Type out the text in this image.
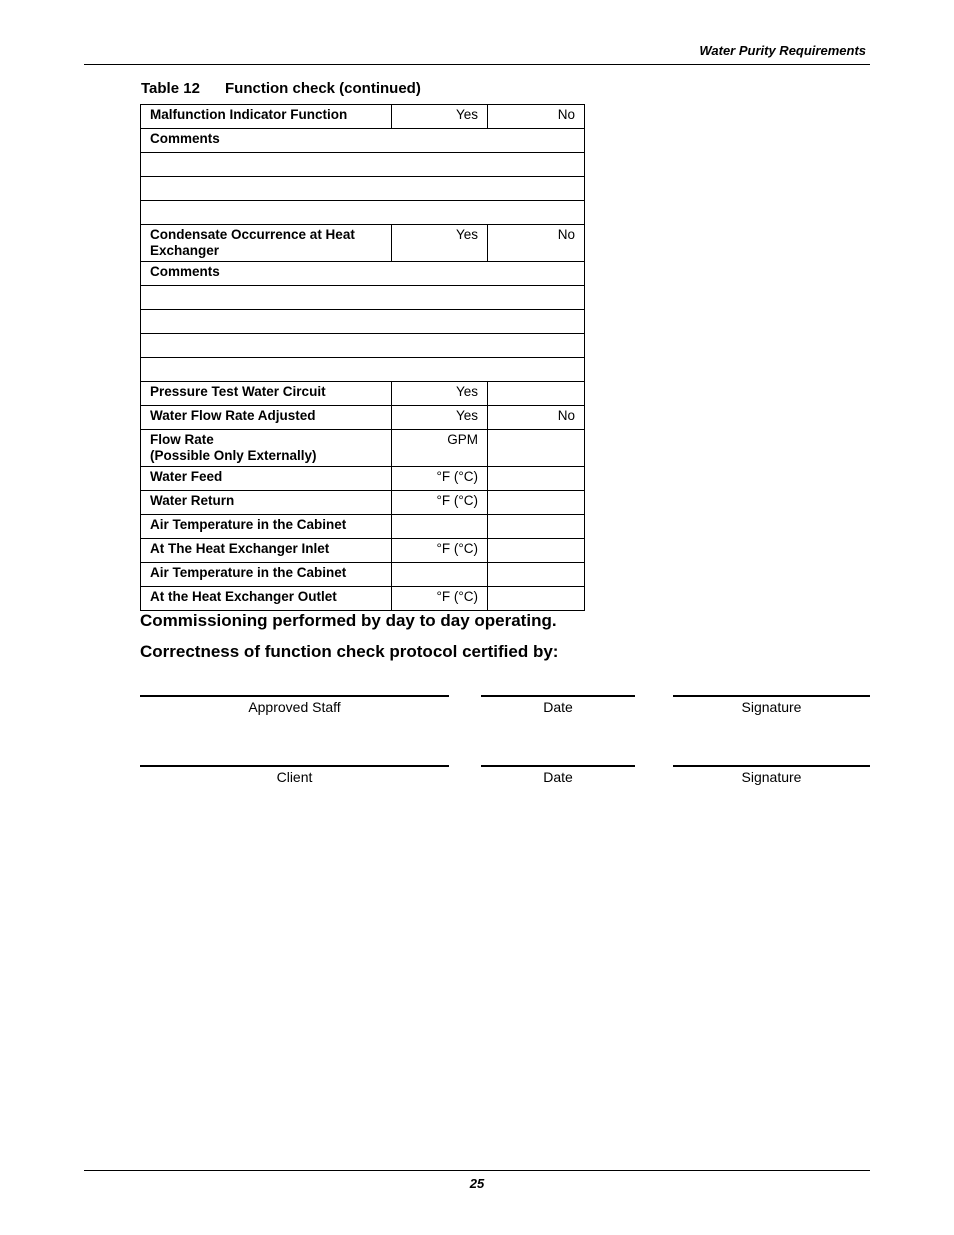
Water Purity Requirements
Table 12 Function check (continued)
Malfunction Indicator Function	Yes	No
Comments		

Condensate Occurrence at Heat
Exchanger	Yes	No
Comments		

Pressure Test Water Circuit	Yes	
Water Flow Rate Adjusted	Yes	No
Flow Rate
(Possible Only Externally)	GPM	
Water Feed	°F (°C)	
Water Return	°F (°C)	
Air Temperature in the Cabinet		
At The Heat Exchanger Inlet	°F (°C)	
Air Temperature in the Cabinet		
At the Heat Exchanger Outlet	°F (°C)	
Commissioning performed by day to day operating.
Correctness of function check protocol certified by:
Approved Staff	Date	Signature
Client	Date	Signature
25
